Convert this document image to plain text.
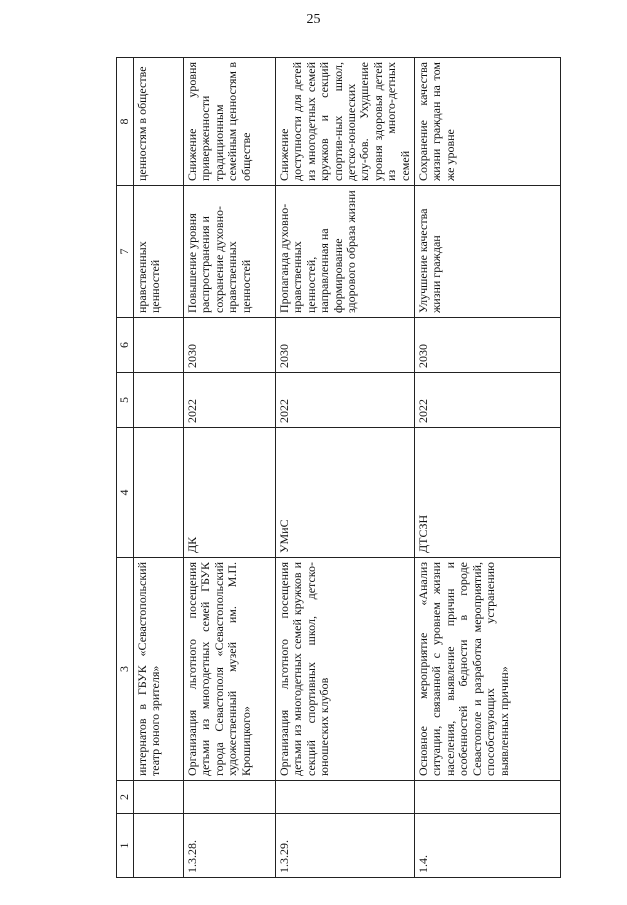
25
1	2	3	4	5	6	7	8
		интернатов в ГБУК «Севастопольский театр юного зрителя»				нравственных ценностей	ценностям в обществе
1.3.28.		Организация льготного посещения детьми из многодетных семей ГБУК города Севастополя «Севастопольский художественный музей им. М.П. Крошицкого»	ДК	2022	2030	Повышение уровня распространения и сохранение духовно-нравственных ценностей	Снижение уровня приверженности традиционным семейным ценностям в обществе
1.3.29.		Организация льготного посещения детьми из многодетных семей кружков и секций спортивных школ, детско-юношеских клубов	УМиС	2022	2030	Пропаганда духовно-нравственных ценностей, направленная на формирование здорового образа жизни	Снижение доступности для детей из многодетных семей кружков и секций спортив-ных школ, детско-юношеских клу-бов. Ухудшение уровня здоровья детей из много-детных семей
1.4.		Основное мероприятие «Анализ ситуации, связанной с уровнем жизни населения, выявление причин и особенностей бедности в городе Севастополе и разработка мероприятий, способствующих устранению выявленных причин»	ДТСЗН	2022	2030	Улучшение качества жизни граждан	Сохранение качества жизни граждан на том же уровне
